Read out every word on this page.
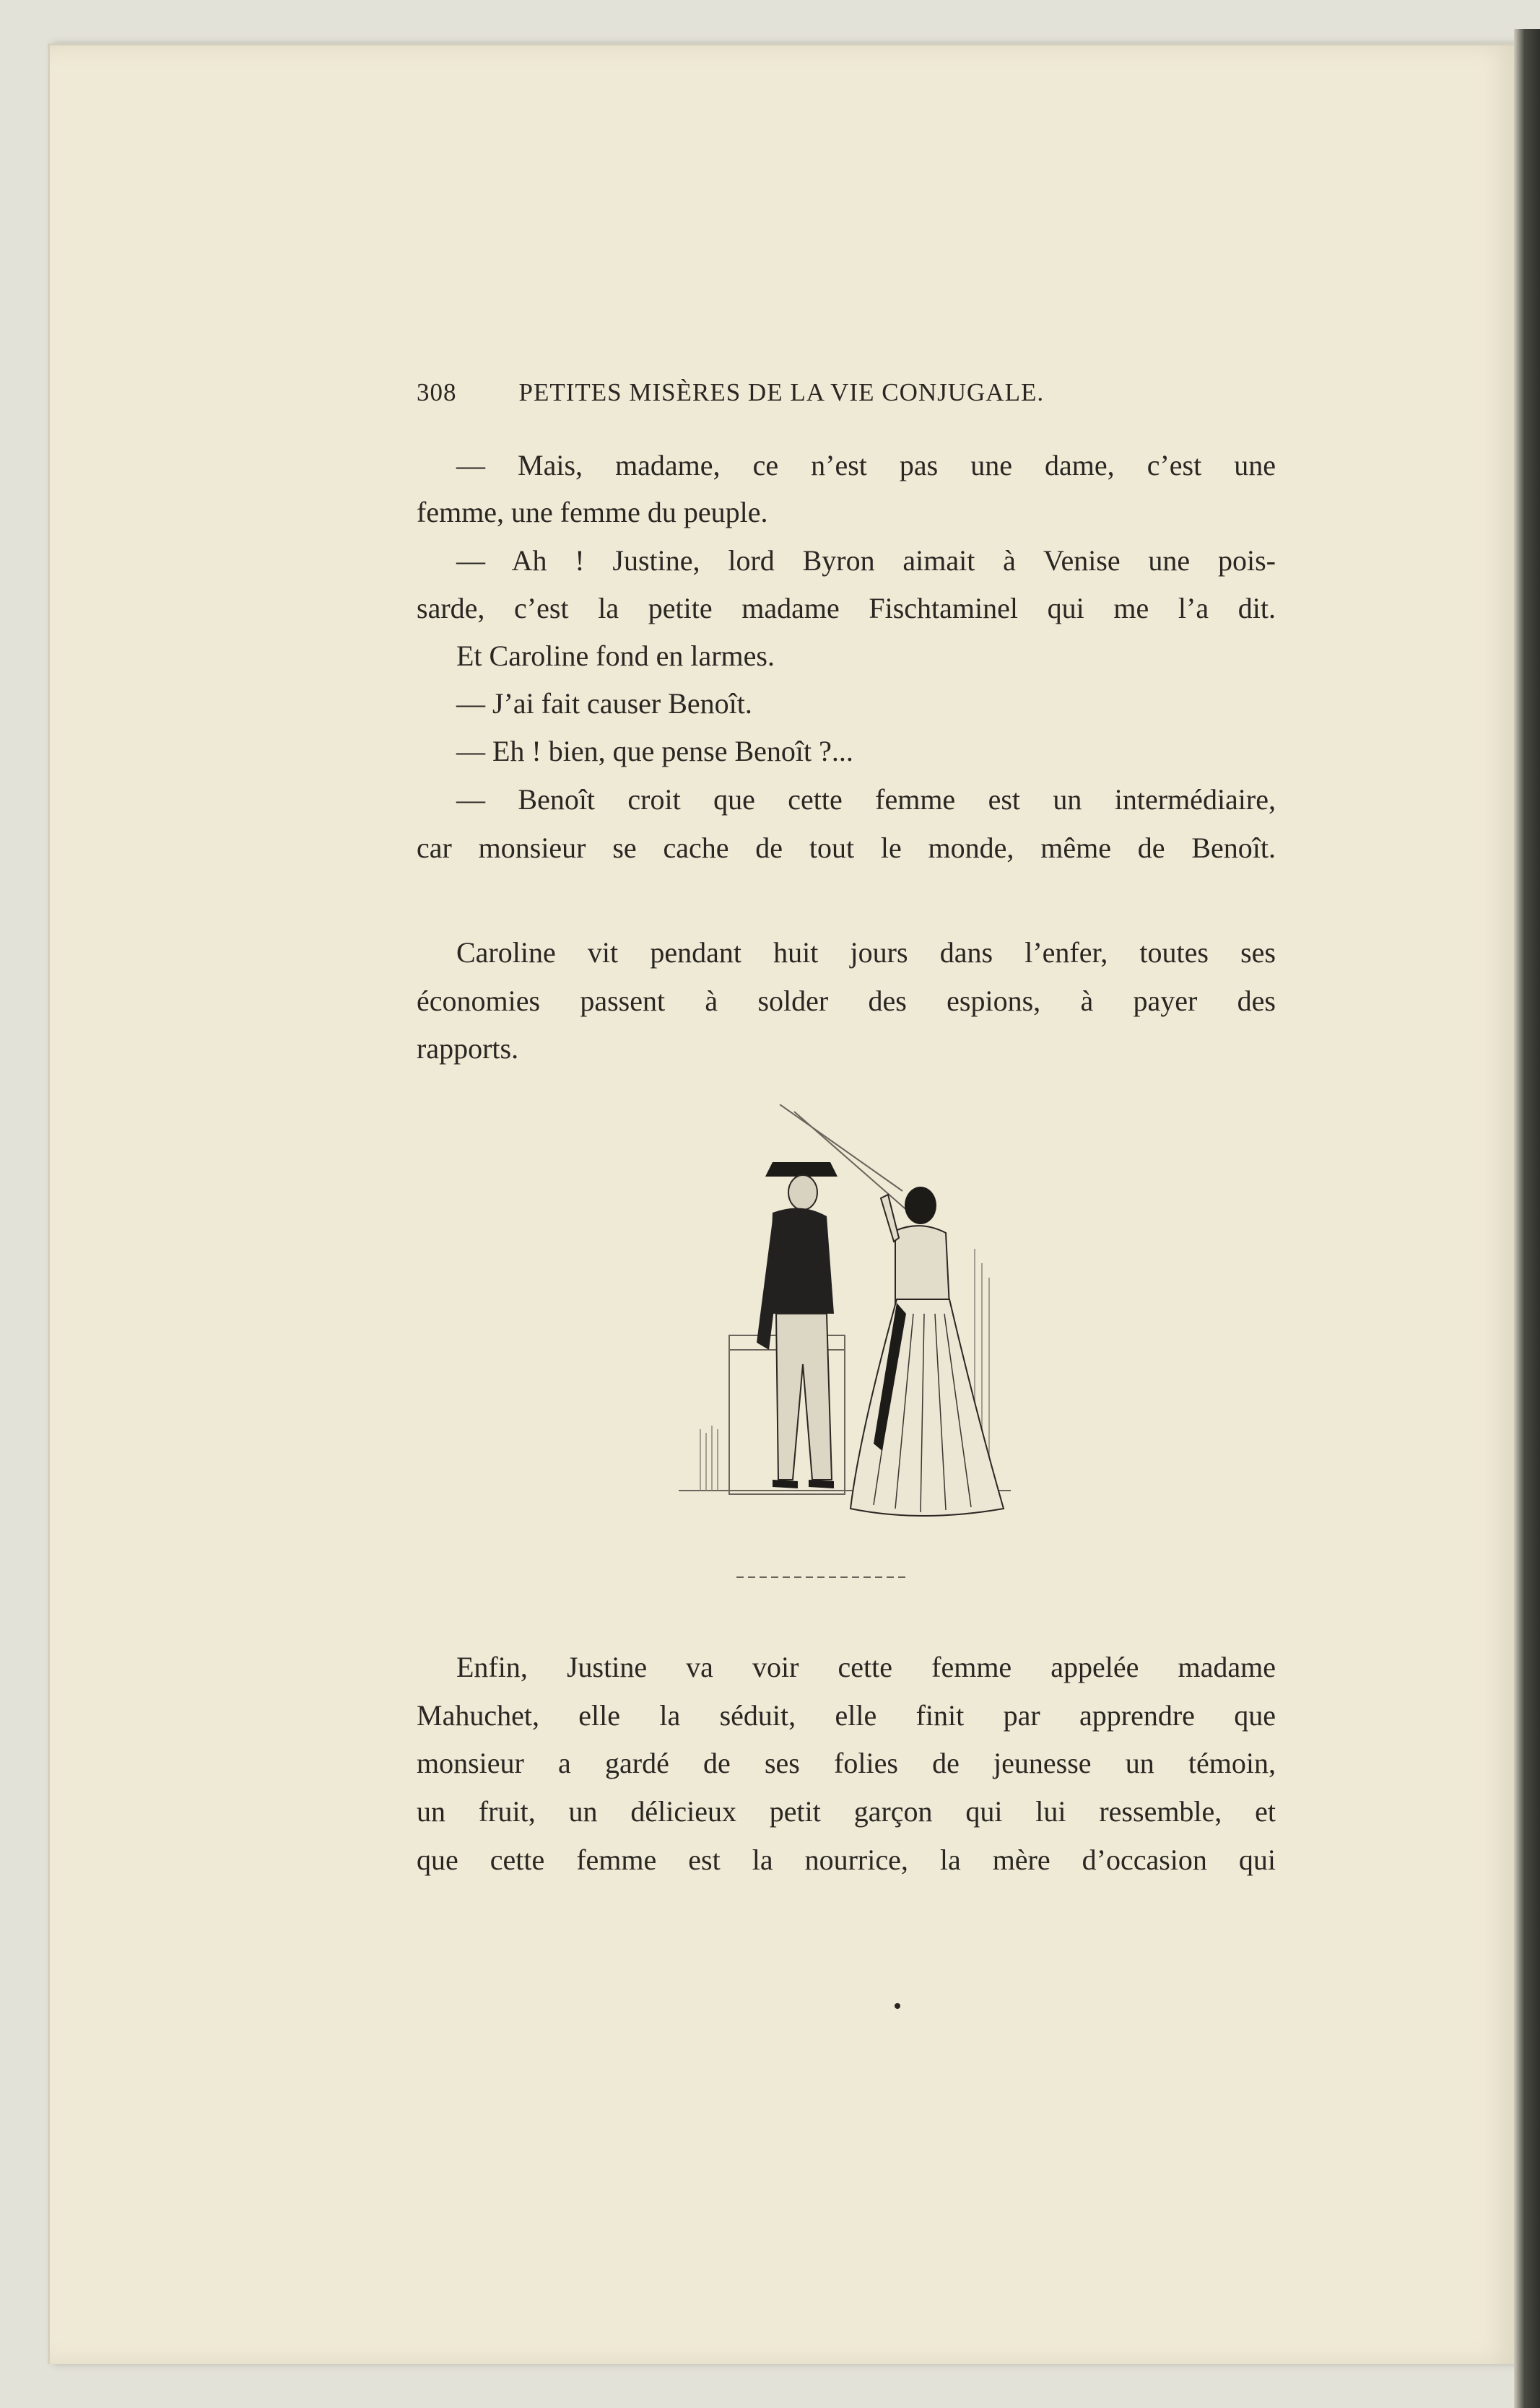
308 PETITES MISÈRES DE LA VIE CONJUGALE.
— Mais, madame, ce n’est pas une dame, c’est une
femme, une femme du peuple.
— Ah ! Justine, lord Byron aimait à Venise une pois-
sarde, c’est la petite madame Fischtaminel qui me l’a dit.
Et Caroline fond en larmes.
— J’ai fait causer Benoît.
— Eh ! bien, que pense Benoît ?...
— Benoît croit que cette femme est un intermédiaire,
car monsieur se cache de tout le monde, même de Benoît.
Caroline vit pendant huit jours dans l’enfer, toutes ses
économies passent à solder des espions, à payer des
rapports.
Enfin, Justine va voir cette femme appelée madame
Mahuchet, elle la séduit, elle finit par apprendre que
monsieur a gardé de ses folies de jeunesse un témoin,
un fruit, un délicieux petit garçon qui lui ressemble, et
que cette femme est la nourrice, la mère d’occasion qui
